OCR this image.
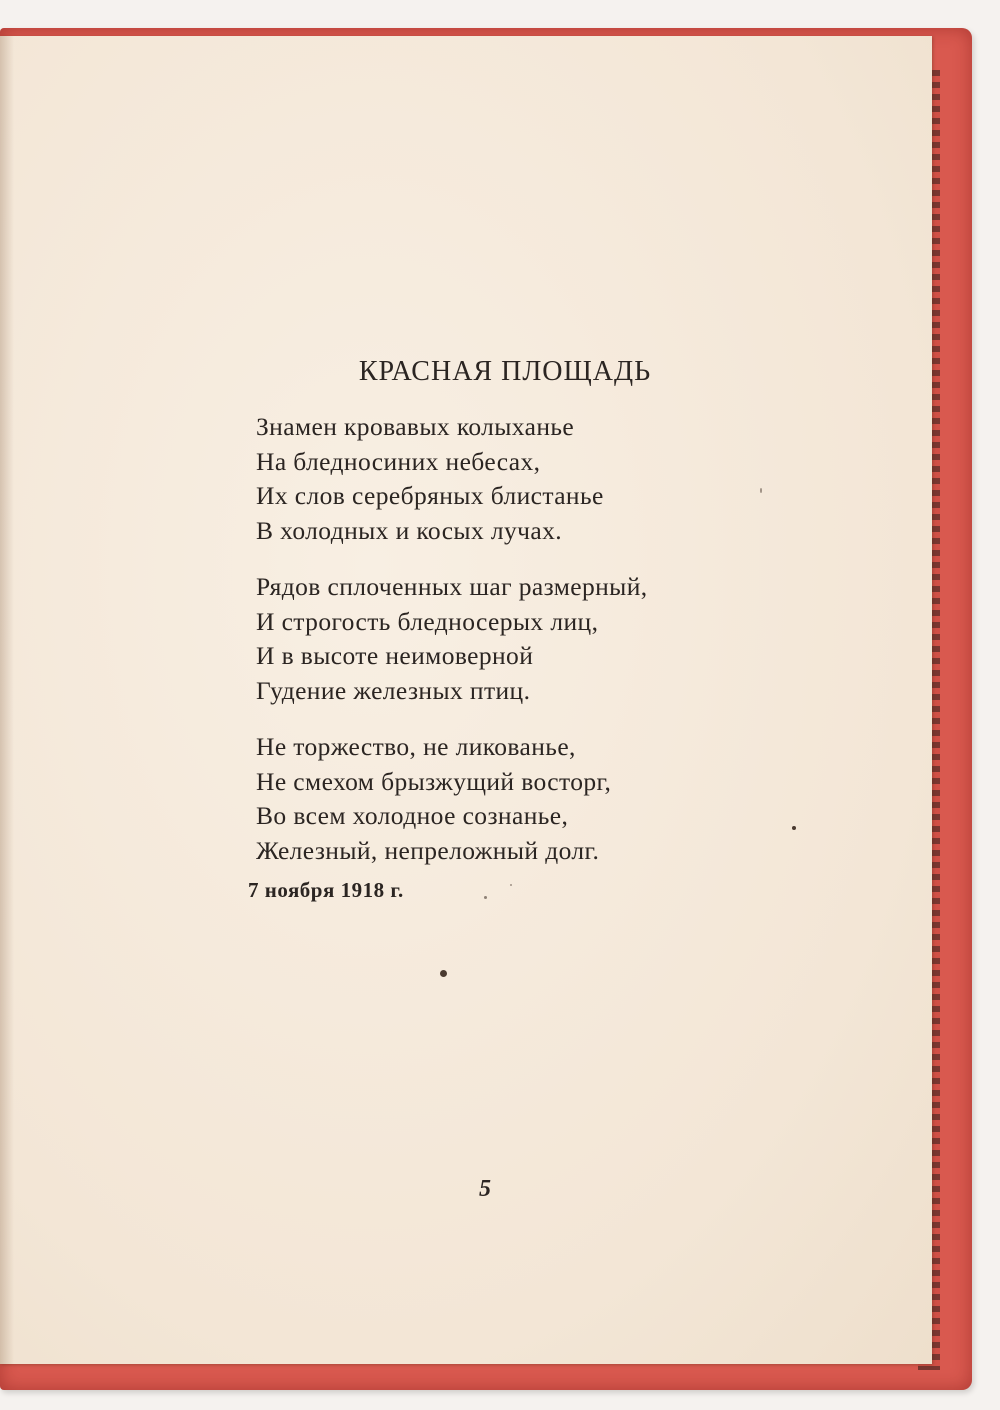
КРАСНАЯ ПЛОЩАДЬ
Знамен кровавых колыханье
На бледносиних небесах,
Их слов серебряных блистанье
В холодных и косых лучах.
Рядов сплоченных шаг размерный,
И строгость бледносерых лиц,
И в высоте неимоверной
Гудение железных птиц.
Не торжество, не ликованье,
Не смехом брызжущий восторг,
Во всем холодное сознанье,
Железный, непреложный долг.
7 ноября 1918 г.
5
